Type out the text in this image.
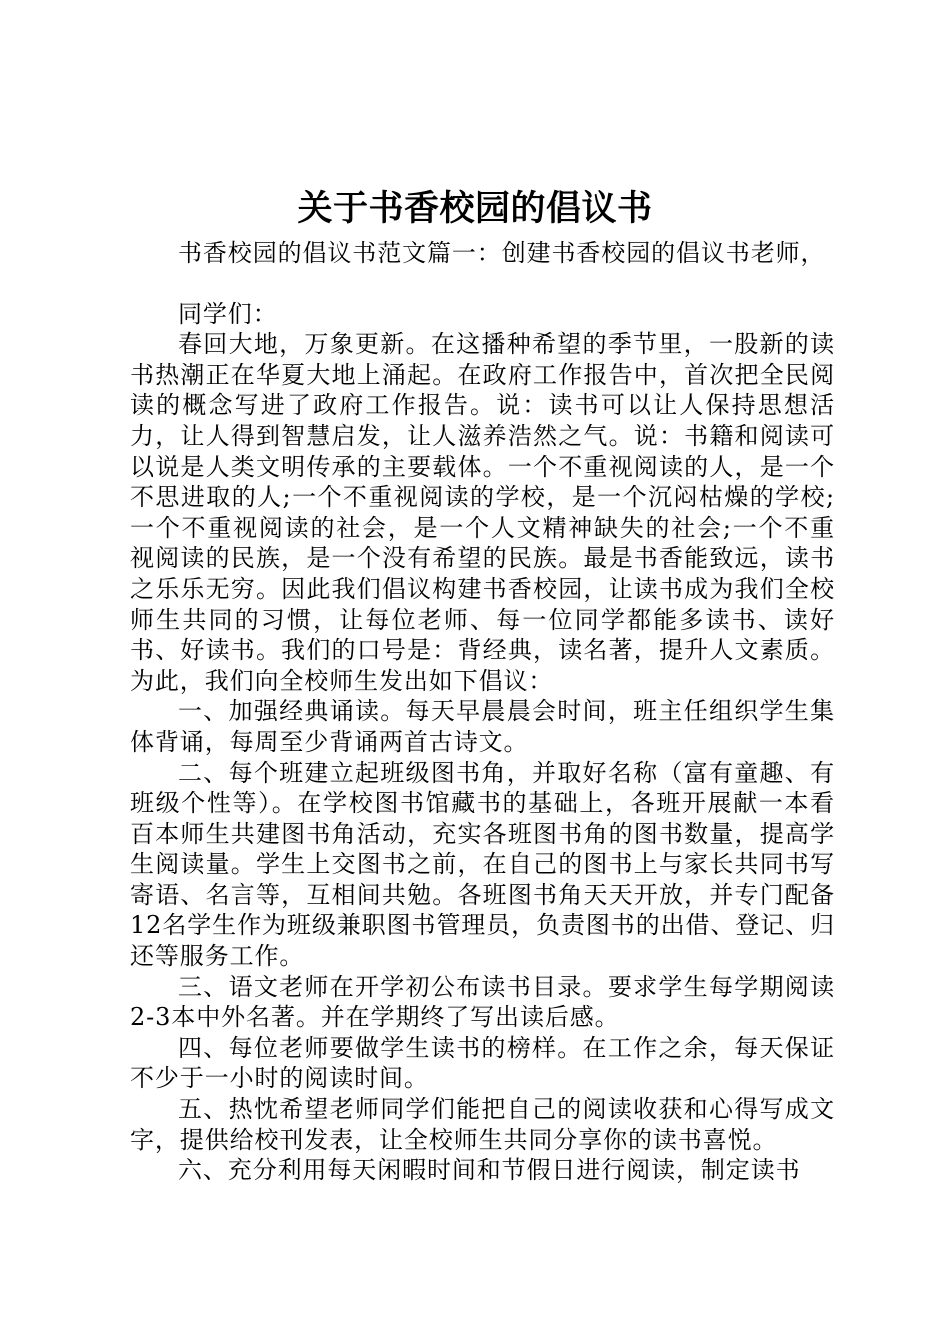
关于书香校园的倡议书

书香校园的倡议书范文篇一：创建书香校园的倡议书老师，

同学们：

春回大地，万象更新。在这播种希望的季节里，一股新的读书热潮正在华夏大地上涌起。在政府工作报告中，首次把全民阅读的概念写进了政府工作报告。说：读书可以让人保持思想活力，让人得到智慧启发，让人滋养浩然之气。说：书籍和阅读可以说是人类文明传承的主要载体。一个不重视阅读的人，是一个不思进取的人;一个不重视阅读的学校，是一个沉闷枯燥的学校;一个不重视阅读的社会，是一个人文精神缺失的社会;一个不重视阅读的民族，是一个没有希望的民族。最是书香能致远，读书之乐乐无穷。因此我们倡议构建书香校园，让读书成为我们全校师生共同的习惯，让每位老师、每一位同学都能多读书、读好书、好读书。我们的口号是：背经典，读名著，提升人文素质。为此，我们向全校师生发出如下倡议：

一、加强经典诵读。每天早晨晨会时间，班主任组织学生集体背诵，每周至少背诵两首古诗文。

二、每个班建立起班级图书角，并取好名称（富有童趣、有班级个性等）。在学校图书馆藏书的基础上，各班开展献一本看百本师生共建图书角活动，充实各班图书角的图书数量，提高学生阅读量。学生上交图书之前，在自己的图书上与家长共同书写寄语、名言等，互相间共勉。各班图书角天天开放，并专门配备12名学生作为班级兼职图书管理员，负责图书的出借、登记、归还等服务工作。

三、语文老师在开学初公布读书目录。要求学生每学期阅读2-3本中外名著。并在学期终了写出读后感。

四、每位老师要做学生读书的榜样。在工作之余，每天保证不少于一小时的阅读时间。

五、热忱希望老师同学们能把自己的阅读收获和心得写成文字，提供给校刊发表，让全校师生共同分享你的读书喜悦。

六、充分利用每天闲暇时间和节假日进行阅读，制定读书
